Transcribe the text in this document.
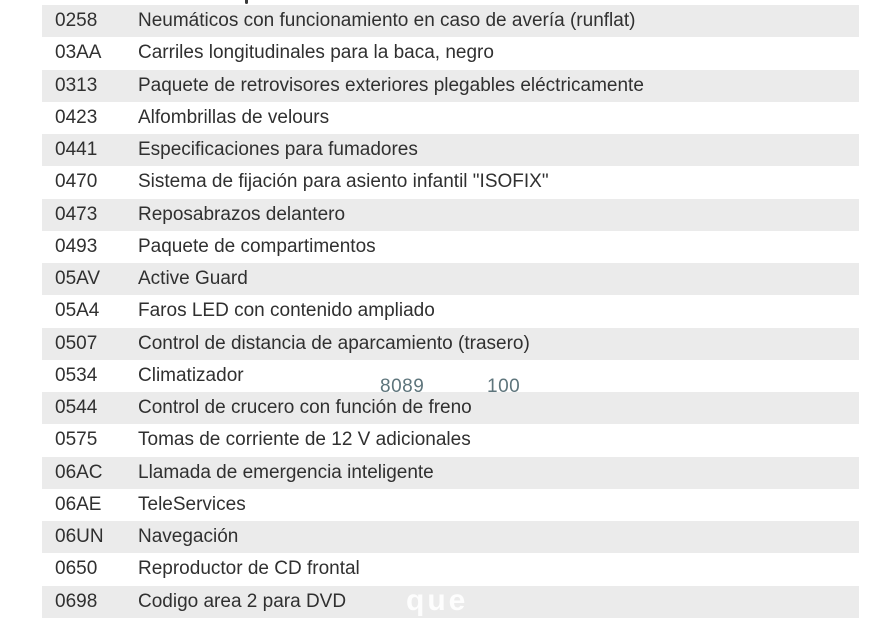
0258	Neumáticos con funcionamiento en caso de avería (runflat)
03AA	Carriles longitudinales para la baca, negro
0313	Paquete de retrovisores exteriores plegables eléctricamente
0423	Alfombrillas de velours
0441	Especificaciones para fumadores
0470	Sistema de fijación para asiento infantil "ISOFIX"
0473	Reposabrazos delantero
0493	Paquete de compartimentos
05AV	Active Guard
05A4	Faros LED con contenido ampliado
0507	Control de distancia de aparcamiento (trasero)
0534	Climatizador
0544	Control de crucero con función de freno
0575	Tomas de corriente de 12 V adicionales
06AC	Llamada de emergencia inteligente
06AE	TeleServices
06UN	Navegación
0650	Reproductor de CD frontal
0698	Codigo area 2 para DVD
8089	100
que
